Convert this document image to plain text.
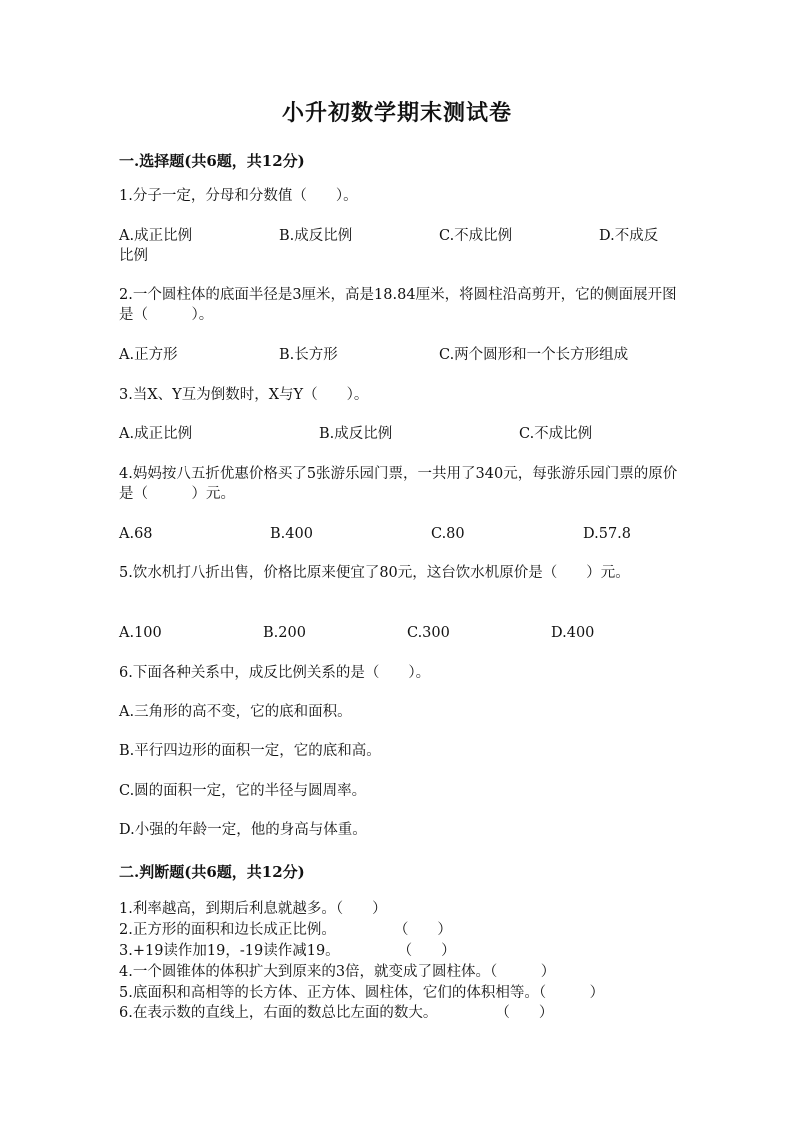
小升初数学期末测试卷
一.选择题(共6题，共12分)
1.分子一定，分母和分数值（　　）。
A.成正比例	B.成反比例	C.不成比例	D.不成反
比例
2.一个圆柱体的底面半径是3厘米，高是18.84厘米，将圆柱沿高剪开，它的侧面展开图是（　　　）。
A.正方形	B.长方形	C.两个圆形和一个长方形组成
3.当X、Y互为倒数时，X与Y（　　）。
A.成正比例	B.成反比例	C.不成比例
4.妈妈按八五折优惠价格买了5张游乐园门票，一共用了340元，每张游乐园门票的原价是（　　　）元。
A.68	B.400	C.80	D.57.8
5.饮水机打八折出售，价格比原来便宜了80元，这台饮水机原价是（　　）元。
A.100	B.200	C.300	D.400
6.下面各种关系中，成反比例关系的是（　　）。
A.三角形的高不变，它的底和面积。
B.平行四边形的面积一定，它的底和高。
C.圆的面积一定，它的半径与圆周率。
D.小强的年龄一定，他的身高与体重。
二.判断题(共6题，共12分)
1.利率越高，到期后利息就越多。（　　）
2.正方形的面积和边长成正比例。　　　　　（　　）
3.+19读作加19，-19读作减19。　　　　　（　　）
4.一个圆锥体的体积扩大到原来的3倍，就变成了圆柱体。（　　　）
5.底面积和高相等的长方体、正方体、圆柱体，它们的体积相等。（　　　）
6.在表示数的直线上，右面的数总比左面的数大。　　　　　（　　）
